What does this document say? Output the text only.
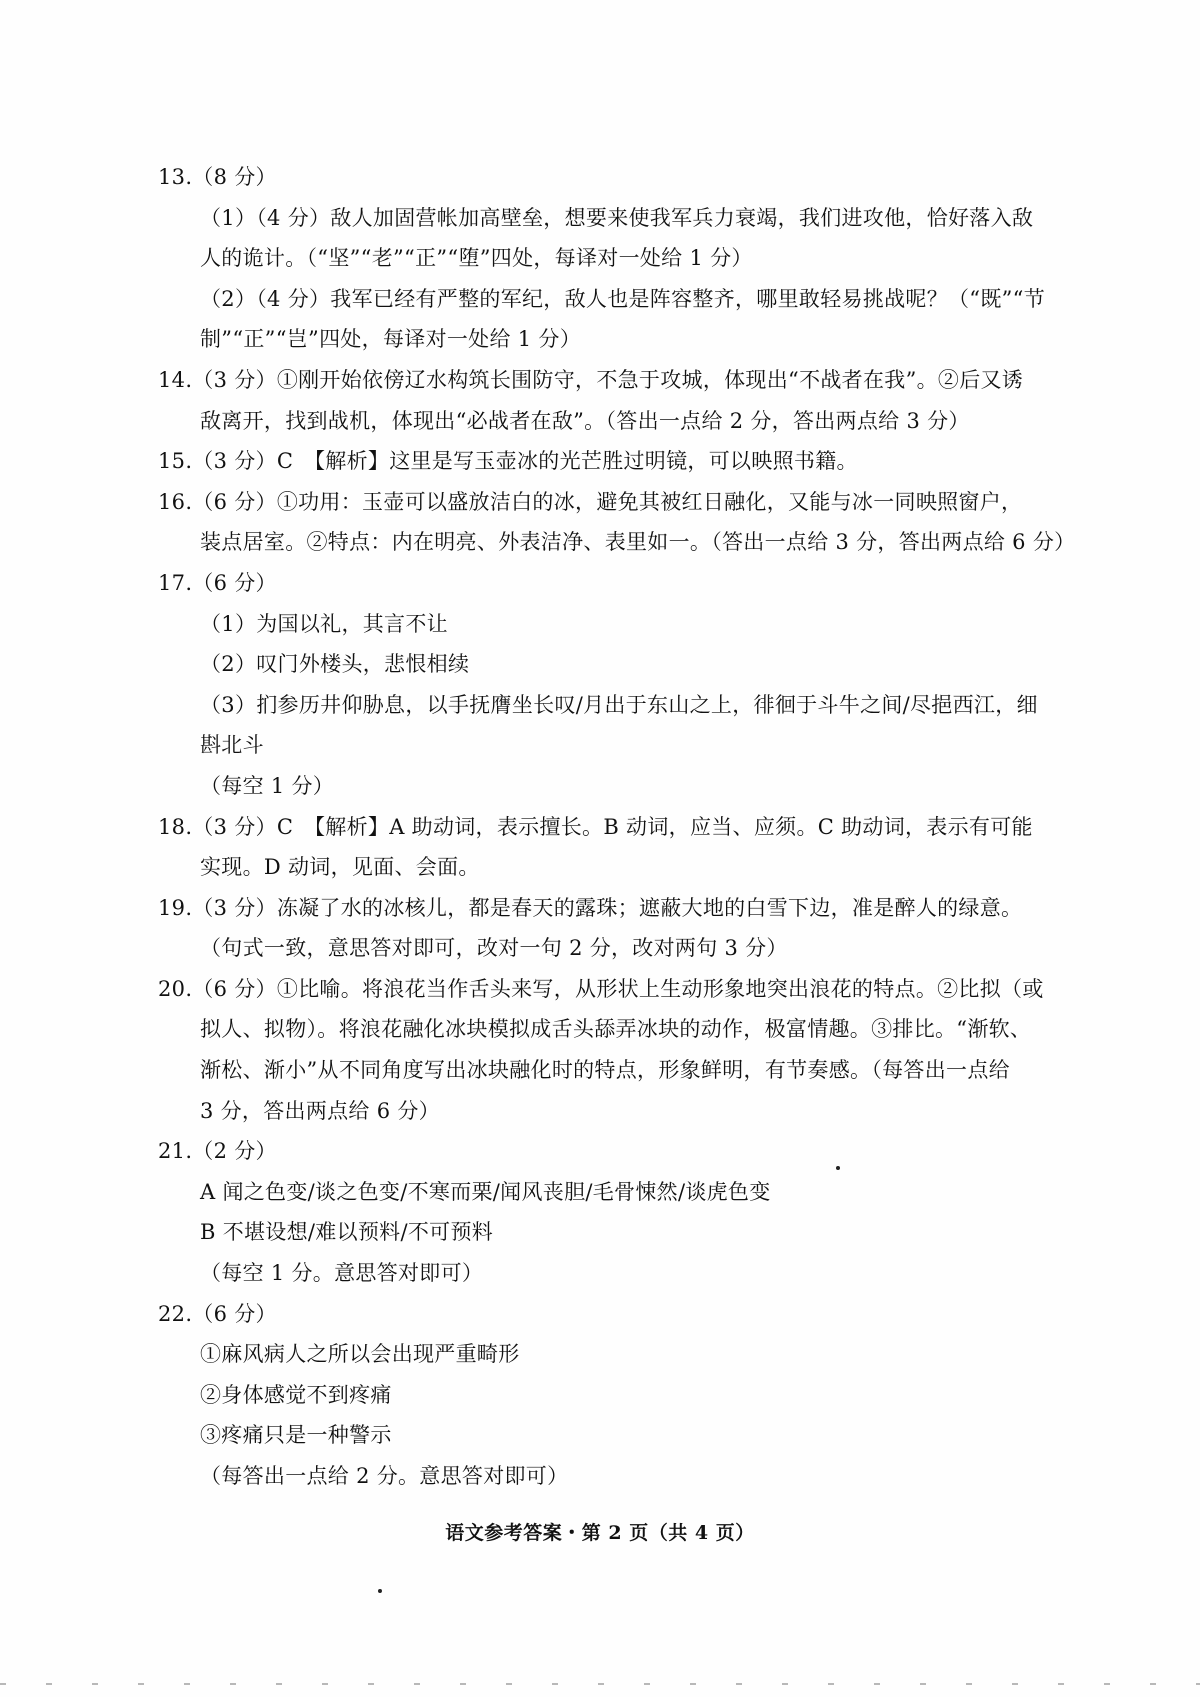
13.（8 分）
（1）（4 分）敌人加固营帐加高壁垒，想要来使我军兵力衰竭，我们进攻他，恰好落入敌
人的诡计。（“坚”“老”“正”“堕”四处，每译对一处给 1 分）
（2）（4 分）我军已经有严整的军纪，敌人也是阵容整齐，哪里敢轻易挑战呢？（“既”“节
制”“正”“岂”四处，每译对一处给 1 分）
14.（3 分）①刚开始依傍辽水构筑长围防守，不急于攻城，体现出“不战者在我”。②后又诱
敌离开，找到战机，体现出“必战者在敌”。（答出一点给 2 分，答出两点给 3 分）
15.（3 分）C　【解析】这里是写玉壶冰的光芒胜过明镜，可以映照书籍。
16.（6 分）①功用：玉壶可以盛放洁白的冰，避免其被红日融化，又能与冰一同映照窗户，
装点居室。②特点：内在明亮、外表洁净、表里如一。（答出一点给 3 分，答出两点给 6 分）
17.（6 分）
（1）为国以礼，其言不让
（2）叹门外楼头，悲恨相续
（3）扪参历井仰胁息，以手抚膺坐长叹/月出于东山之上，徘徊于斗牛之间/尽挹西江，细
斟北斗
（每空 1 分）
18.（3 分）C　【解析】A 助动词，表示擅长。B 动词，应当、应须。C 助动词，表示有可能
实现。D 动词，见面、会面。
19.（3 分）冻凝了水的冰核儿，都是春天的露珠；遮蔽大地的白雪下边，准是醉人的绿意。
（句式一致，意思答对即可，改对一句 2 分，改对两句 3 分）
20.（6 分）①比喻。将浪花当作舌头来写，从形状上生动形象地突出浪花的特点。②比拟（或
拟人、拟物）。将浪花融化冰块模拟成舌头舔弄冰块的动作，极富情趣。③排比。“渐软、
渐松、渐小”从不同角度写出冰块融化时的特点，形象鲜明，有节奏感。（每答出一点给
3 分，答出两点给 6 分）
21.（2 分）
A 闻之色变/谈之色变/不寒而栗/闻风丧胆/毛骨悚然/谈虎色变
B 不堪设想/难以预料/不可预料
（每空 1 分。意思答对即可）
22.（6 分）
①麻风病人之所以会出现严重畸形
②身体感觉不到疼痛
③疼痛只是一种警示
（每答出一点给 2 分。意思答对即可）
语文参考答案・第 2 页（共 4 页）
